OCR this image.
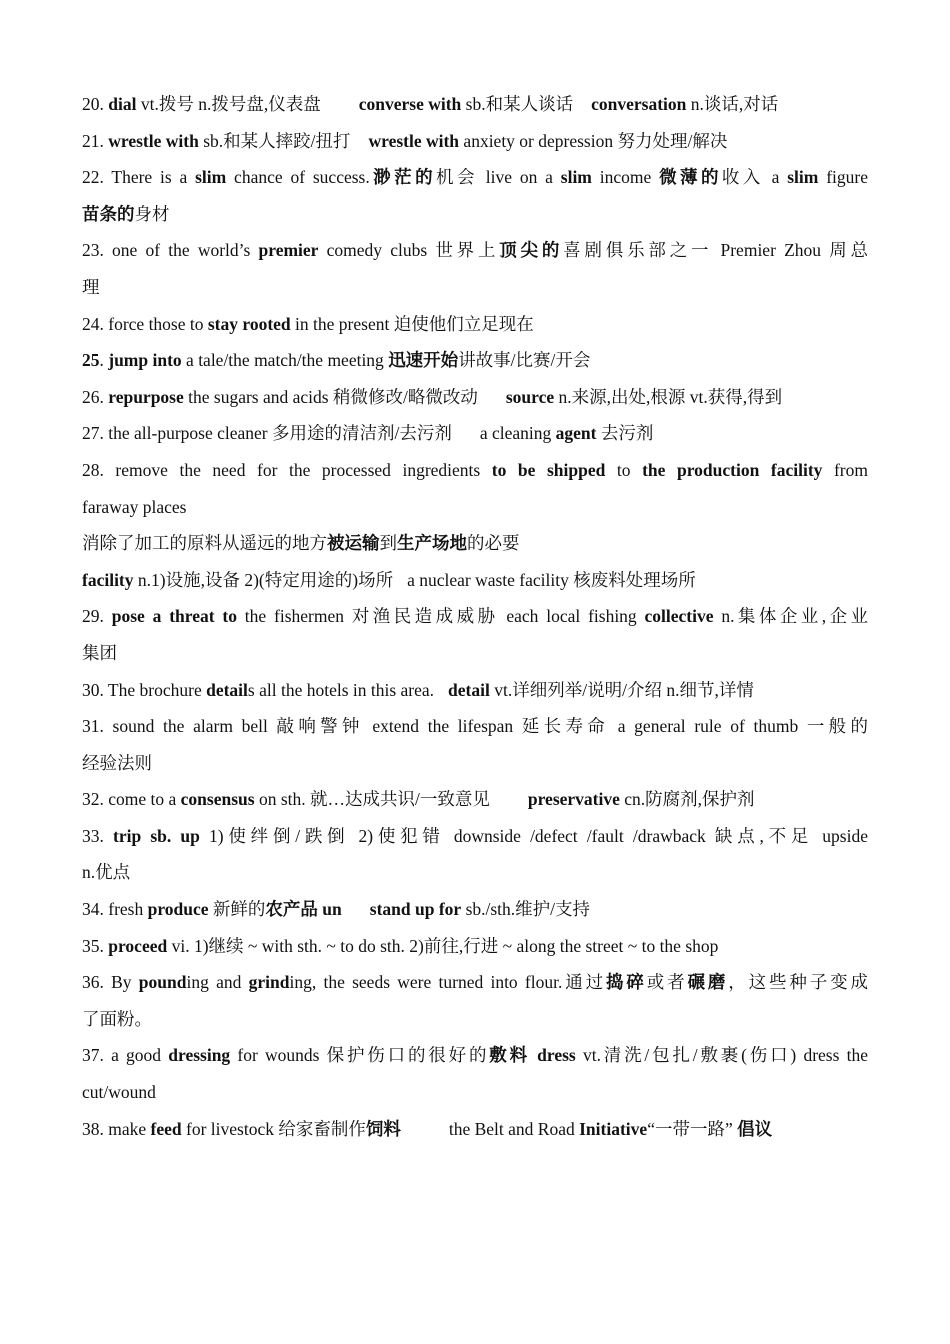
20. dial vt.拨号 n.拨号盘,仪表盘 converse with sb.和某人谈话 conversation n.谈话,对话
21. wrestle with sb.和某人摔跤/扭打 wrestle with anxiety or depression 努力处理/解决
22. There is a slim chance of success.渺茫的机会 live on a slim income 微薄的收入 a slim figure
苗条的身材
23. one of the world’s premier comedy clubs 世界上顶尖的喜剧俱乐部之一 Premier Zhou 周总
理
24. force those to stay rooted in the present 迫使他们立足现在
25. jump into a tale/the match/the meeting 迅速开始讲故事/比赛/开会
26. repurpose the sugars and acids 稍微修改/略微改动 source n.来源,出处,根源 vt.获得,得到
27. the all-purpose cleaner 多用途的清洁剂/去污剂 a cleaning agent 去污剂
28. remove the need for the processed ingredients to be shipped to the production facility from
faraway places
消除了加工的原料从遥远的地方被运输到生产场地的必要
facility n.1)设施,设备 2)(特定用途的)场所 a nuclear waste facility 核废料处理场所
29. pose a threat to the fishermen 对渔民造成威胁 each local fishing collective n.集体企业,企业
集团
30. The brochure details all the hotels in this area. detail vt.详细列举/说明/介绍 n.细节,详情
31. sound the alarm bell 敲响警钟 extend the lifespan 延长寿命 a general rule of thumb 一般的
经验法则
32. come to a consensus on sth. 就…达成共识/一致意见 preservative cn.防腐剂,保护剂
33. trip sb. up 1)使绊倒/跌倒 2)使犯错 downside /defect /fault /drawback 缺点,不足 upside
n.优点
34. fresh produce 新鲜的农产品 un stand up for sb./sth.维护/支持
35. proceed vi. 1)继续 ~ with sth. ~ to do sth. 2)前往,行进 ~ along the street ~ to the shop
36. By pounding and grinding, the seeds were turned into flour.通过捣碎或者碾磨，这些种子变成
了面粉。
37. a good dressing for wounds 保护伤口的很好的敷料 dress vt.清洗/包扎/敷裹(伤口) dress the
cut/wound
38. make feed for livestock 给家畜制作饲料	the Belt and Road Initiative“一带一路” 倡议
